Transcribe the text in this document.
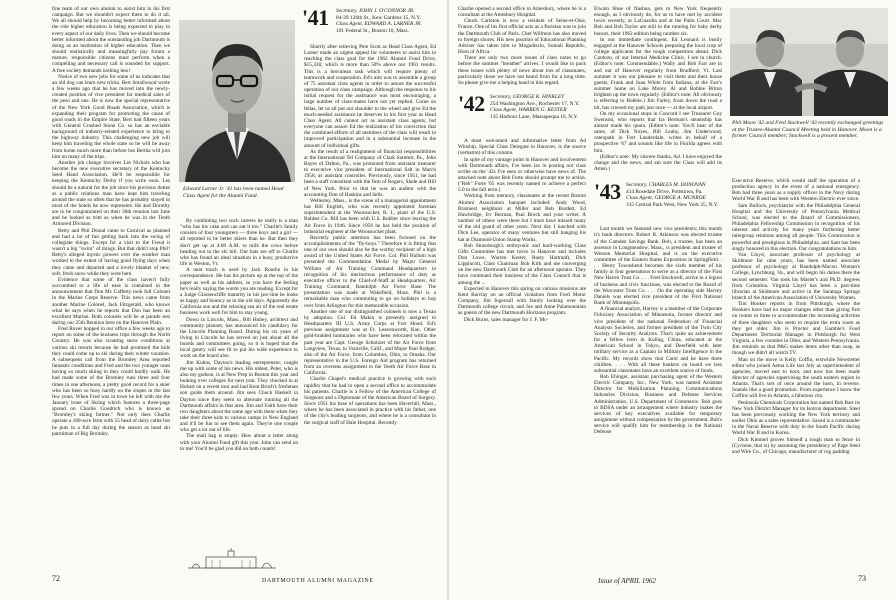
fine team of our own alumni to assist him in his first campaign. But we shouldn't expect them to do it all. We all should help by becoming better informed about the role higher education is being expected to play in every aspect of our daily lives. Then we should become better informed about the outstanding job Dartmouth is doing as an institution of higher education. Then we should realistically and meaningfully pay forum a mature, responsible citizens must perform when a compelling and necessary call is sounded for support. A free society demands nothing less!

Notice of two new jobs for some of us indicates that an old dog can learn new tricks. Bert Smallwood wrote a few weeks ago that he has moved into the newly-created position of vice president for medical sales of the peso and one. He is now the special representative of the New York Good Roads Association, which is expanding their program for promoting the cause of good roads in the Empire State. Bert had fifteen years with General Crushed Stone Co. so has an enviable background of industry-related experience to bring to the highway industry. This challenging new job will keep him traveling the whole state so he will be away from home much more than before but Bertha will join him on many of the trips.

Another job change involves Les Nichols who has become the new executive secretary of the Kentucky Seed Hand Association. He'll be responsible for keeping the Kentucky Derby if you write soon. Les should be a natural for the job since his previous duties as a public relations man have kept him traveling around the state so often that he has probably stayed in most of the hotels he now represents. He and Dorothy are to be congratulated on their 30th reunion last June and he looked as trim as when he was in the Tenth Armored Division.

Betty and Phil Dostal came to Carnival as planned and had a lot of fun getting back into the swing of collegiate things. Except for a visit to the Freud it wasn't a big "swim" of things. But that didn't stop Phil! Betty's alleged mystic powers over the weather man worked to the extent of having good flying days when they came and departed and a lovely blanket of new, soft, fresh snow while they were here.

Evidence that some of the class haven't fully succumbed to a life of ease is contained in the announcement that Don Mc Cafferty took full Colonel in the Marine Corps Reserve. This news came from another Marine Colonel, Jack Fitzgerald, who knows what he says when he reports that Don has been an excellent Marine. Both colonels will be at parade rest during our 25th Reunion here on the Hanover Plain.

Fred Rover hopped in our office a few weeks ago to report on some of the business trips through the North Country. He was also scouting snow conditions at various ski resorts because he had promised the kids they could come up to ski during their winter vacation. A subsequent call from the Bromley Area reported fantastic conditions and Fred and the two younger ones having so much skiing in they could hardly walk. He had made some of the Bromley runs three and four times in one afternoon, a pretty good record for a skier who has been so busy hardly on the slopes in the last few years. When Fred was in town he left with me the January issue of Skiing which features a three-page spread on Charlie Goodrich who is known as "Bromley's skiing farmer." Not only does Charlie operate a 180-acre farm with 55 head of dairy cattle but he puts in a full day during the season as head ski patrolman of Big Bromley.

Edward Larner Jr. '41 has been named Head Class Agent for the Alumni Fund.

By combining two such careers he really is a man "who has his cake and can eat it too." Charlie's family consists of four youngsters — three boys and a girl — all reported to be better skiers than he. But then they don't get up at 4:00 A.M. to milk the cows before heading out to the ski hill. Our hats are off to Charlie who has found an ideal situation in a busy, productive life in Weston, Vt.

A neat touch is used by Jack Rourke in his correspondence. He has his picture up at the top of the paper as well as his address, so you have the feeling he's really saying the words you are reading. Except for a Judge Glassencliffe maturity in his jaw-line he looks as happy and bouncy as in the old days. Apparently the California sun and the relaxing sea air of the real estate business work well for him to stay young.

Down in Lincoln, Mass., Bill Hubey, architect and community planner, has announced his candidacy for the Lincoln Planning Board. During his six years of living in Lincoln he has served on just about all the boards and committees going, so it is hoped that the local gentry will see fit to put his wide experience to work on the board also.

Jim Kuhns, Dayton's leading entrepreneur, caught me up with some of his news. His oldest, Peter, who is also my godson, is at New Prep in Boston this year and looking over colleges for next year. They checked in at Hobart on a recent tour and had Kent Bruch's freshman son guide them around. Jim sees Chuck Haskell in Dayton since they seem to alternate running all the Dartmouth affairs in that area. Jim and Faith have their two daughters about the same age with them when they take their three kids to various camps in New England and it'll be fun to see them again. They're one couple who get a lot out of life.

The mail bag is empty. How about a letter along with your Alumni Fund gift this year. John can send on to me! You'll be glad you did on both counts!

'41 Secretary, JOHN J. O'CONNOR JR.
84-39 126th St., Kew Gardens 15, N.Y.
Class Agent, EDWARD A. LARNER JR.
101 Federal St., Boston 10, Mass.

Shortly after relieving Pete Scott as Head Class Agent, Ed Larner made an urgent appeal for volunteers to assist him in reaching the class goal for the 1962 Alumni Fund Drive, $15,330, which is more than 50% above our 1961 results. This is a herculean task which will require plenty of teamwork and cooperation. Ed's aim was to assemble a group of 75 assistant class agents in order to assure the successful operation of our class campaign. Although the response to his initial request for the assistance was most encouraging, a large number of class-mates have not yet replied. Come on fellas, let us all put our shoulder to the wheel and give Ed the much-needed assistance he deserves in his first year as Head Class Agent. All cannot act as assistant class agents, but everyone can assure Ed the realization of his conviction that the combined efforts of all members of the class will result in improved participation and in a substantial increase in the amount of individual gifts.

As the result of a realignment of financial responsibilities at the International Tel Company of Clark Summit, Pa., John Bayes of Dalton, Pa., was promoted from assistant treasurer to executive vice president of International Salt in March 1958, as assistant controller. Previously, since 1951, he had been a staff consultant with the firm of Rogers, Slade and Hill of New York. Prior to that he was an auditor with the accounting firm of Haskins and Sells.

Wellesley, Mass., is the scene of a managerial appointment has Bill English, who was recently appointed foreman superintendent at the Woonsocket, R. I., plant of the U.S. Rubber Co. Bill has been with U.S. Rubber since leaving the Air Force in 1946. Since 1956 he has held the position of industrial engineer at the Woonsocket plant.

Recently public attention has been focused on the accomplishments of the "fly-boys." Therefore it is fitting that one of our own should also be the worthy recipient of a high award of the United States Air Force. Col. Phil Hallum was presented the Commendation Medal by Major General William of Air Training Command Headquarters in recognition of his meritorious performance of duty as executive officer to the Chief-of-Staff at Headquarters, Air Training Command, Randolph Air Force Base. The presentation was made at Wakefield, Mass. Phil is a remarkable man who commuting to go on holidays to hop over from Arlington for this memorable occasion.

Another one of our distinguished colonels is now a Texan by adoption. Col. Ed Makin is presently assigned to Headquarters III U.S. Army Corps at Fort Hood. Ed's previous assignment was at Ft. Leavenworth, Kan. Other gold-braided luminaries who have been relocated within the past year are Capt. George Schnitzer of the Air Force from Longview, Texas, to Vacaville, Calif., and Major Paul Rodger, also of the Air Force, from Columbus, Ohio, to Omaha. Our representative in the U.S. Foreign Aid program has returned from an overseas assignment to the Tenth Air Force Base in California.

Charlie Chapel's medical practice is growing with such rapidity that he had to open a second office to accommodate his patients. Charlie is a Fellow of the American College of Surgeons and a Diplomate of the American Board of Surgery. Since 1951 his base of operations has been Haverhill, Mass., where he has been associated in practice with his father, one of the city's leading surgeons, and where he is a consultant in the surgical staff of Hale Hospital. Recently

72	DARTMOUTH ALUMNI MAGAZINE

Charlie opened a second office in Amesbury, where he is a consultant at the Amesbury Hospital.

Chuck Carleton is now a resident of Seine-et-Oise, France. One of his first official acts as a Parisian was to join the Dartmouth Club of Paris. Chet Willmon has also moved to foreign shores. His new position of Educational Planning Adviser has taken him to Mogadiscio, Somali Republic, Horn of Africa.

There are only two more issues of class notes to go before the summer "breather" arrives. I would like to pack these issues with plenty of news about lots of classmates, particularly those we have not heard from for a long time. So please give me a helping hand in this regard.

'42 Secretary, GEORGE K. HINKLEY
254 Washington Ave., Rochester 17, N.Y.
Class Agent, WARREN G. KESTER
135 Harbour Lane, Massapequa 16, N.Y.

A most welcomed and informative letter from Ad Winship, Special Class Delegate in Hanover, is the source (verbatim) of this column.

In spite of my vantage point in Hanover and involvement with Dartmouth affairs, I've been lax in posting our class scribe on the '42s I've seen or otherwise have news of. The attached note about Reb Forte should prompt me to action. ("Reb" Forte '65 was recently named to achieve a perfect 5.0 in the fall term.)

Working from memory, classmates at the recent Boston Alumni Association banquet included: Andy Wood, Brainiest neighbors at Miller and Bob Burdett, Ed Hawbridge, Irv Berman, Paul Brock and your writer. A number of others were there but I must have missed many of the old guard of other years. Next day I lunched with Dick Lee, operator of many ventures but still hanging his hat at Diamond-Union Stamp Works.

Bob Strassburgh's embryonic and hard-working Class Gifts Committee has met twice in Hanover and includes Don Lowe, Warren Kester, Rusty Hartranft, Dick Lippincott, Class Chairman Bob Kirk and me converging on the new Dartmouth Club for an afternoon upstairs. They have continued their business of the Class Council that is among the ...

Expected in Hanover this spring on various missions are Kent Barclay on an official visitation from Ford Motor Company, Jim Ingersoll with family looking over the Dartmouth college circuit, and Joe and Anne Palamountain as guests of the new Dartmouth Horizons program.

Dick Burns, sales manager for J. F. Mc-

Elwain Shoe of Nashua, gets to New York frequently enough, as I obviously do, for us to have met by accident twice recently, at LaGuardia and at the Palm Court. Mac Bob and Bob Taylor are still in the running for baby derby honors, their 1962 edition being number six.

In our immediate contingent, Ed Leonard is busily engaged at the Hanover Schools preparing the local crop of college applicants for the tough competition ahead. Dick Cardozo, of our Internal Medicine Clinic, I see in church. (Editor's note: Commendable.) Wally and Bob Farr are in and out of Hanover regularly from Bradford, Vt. Last summer it was our pleasure to visit them and their house guests, Frank and Joan White from Indiana, at the Farr's summer home on Lake Morey. Al and Bobbie Briton brighten up the town regularly. (Editor's note: All obviously is referring to Bobbie.) Jim Farley, from down the road a bit, has crossed my path just once — at the local airport.

On my occasional stops in Concord I see Treasurer Guy Swenson, who reports that Ira Berman's steamship has almost made his quota. (Editor's note: You'll hear of the same, of Dick Noyes, Bill Leahy, Jim Underwood, osteopath in Fort Lauderdale, writes in behalf of a prospective '67 and sounds like life in Florida agrees with him.

(Editor's note: My sincere thanks, Ad. I have enjoyed the change and the news, and am sure the Class will add its Amen.)

'43 Secretary, CHARLES M. DONOVAN
414 Rosedale Drive, Pottstown, Pa.
Class Agent, GEORGE A. MUNROE
315 Central Park West, New York 25, N.Y.

Last month we featured new vice presidents; this month it's bank directors. Robert R. Atkinson was elected trustee of the Camden Savings Bank. Bob, a trustee, has been an assessor in Longmeadow, Mass., is president and trustee of Wesson Memorial Hospital, and is on the executive committee of the Eastern States Exposition in Springfield. . . . Henry Townshend becomes the sixth member of his family in four generations to serve as a director of the First New Haven Trust Co. . . . Fred Stockwell, active in a legion of business and civic functions, was elected to the Board of the Worcester Trust Co. . . . On the operating side Harvey Daniels was elected vice president of the First National Bank of Minneapolis.

A financial analyst, Harvey is a member of the Corporate Fiduciary Association of Minnesota, former director and vice president of the national Federation of Financial Analysts Societies, and former president of the Twin City Society of Security Analysts. That's quite an achievement for a fellow born in Kuling, China, educated at the American School in Tokyo, and Deerfield with later military service as a Captain in Military Intelligence in the Pacific. My records show that Carol and he have three children. . . . With all these bankers on board we less substantial classmates have an excellent source of funds.

Bob Ebinger, assistant purchasing agent of the Western Electric Company, Inc., New York, was named Assistant Director for Mobilization Planning, Communications Industries Division, Business and Defense Services Administration, U.S. Department of Commerce. Bob goes to BDSA under an arrangement where industry makes the services of key executives available for temporary assignment without compensation by the government. Bob's service will qualify him for membership in the National Defense

Phil Moon '42 and Fred Stockwell '43 recently exchanged greetings at the Trustee-Alumni Council Meeting held in Hanover. Moon is a former Council member; Stockwell is a present member.

Executive Reserve, which would staff the operation of a production agency in the event of a national emergency. Bob had three years as a supply officer in the Navy during World War II and has been with Western Electric ever since.

Sam Bullock, psychiatrist with the Philadelphia General Hospital and the University of Pennsylvania Medical School, was elected to the Board of Commissioners, Philadelphia Fellowship Commission in recognition of his interest and activity for many years furthering better intergroup relations among all people. This Commission is powerful and prestigious in Philadelphia, and Sam has been singly honored in this election. Our congratulations to him.

Van Lloyd, associate professor of psychology at Skidmore for nine years, has been named associate professor of psychology at Randolph-Macon Woman's College, Lynchburg, Va., and will begin his duties there the second semester. Van took his Master's and Ph.D. degrees from Columbia. Virginia Lloyd has been a part-time librarian at Skidmore and active in the Saratoga Springs branch of the American Association of University Women.

Tim Hooker reports in from Pittsburgh, where the Hookers have had no major changes other than giving first on rooms to three to accommodate the increasing activities of three daughters who seem to require the extra room as they get older. Jim is Procter and Gamble's Food Department Territorial Manager in Pittsburgh for West Virginia, a few counties in Ohio, and Western Pennsylvania. Jim reminds us that P&G makes items other than soap, as though we didn't all watch TV.

Man on the move is Kelly Coffin, erstwhile Newsletter editor who joined Aetna Life last July as superintendent of agencies, moved east to boot, and now has been made director of agencies supervising the south eastern region in Atlanta. That's sort of once around the horn, in reverse. Sounds like a good promotion. From experience I know the Coffins will live in Atlanta, a fabulous city.

Peninsula Chemicals Corporation has named Bob Bart its New York District Manager for its Isotron department. Steel has been previously working the New York territory and earlier Ohio as a sales representative. Saxed is a commander in the Naval Reserve with duty in the South Pacific during World War II and in Korea.

Dick Kimmel proves himself a tough man to fence in (Cyclone, that is) by assuming the presidency of Page Steel and Wire Co., of Chicago, manufacturer of rug padding

Issue of APRIL 1962	73
